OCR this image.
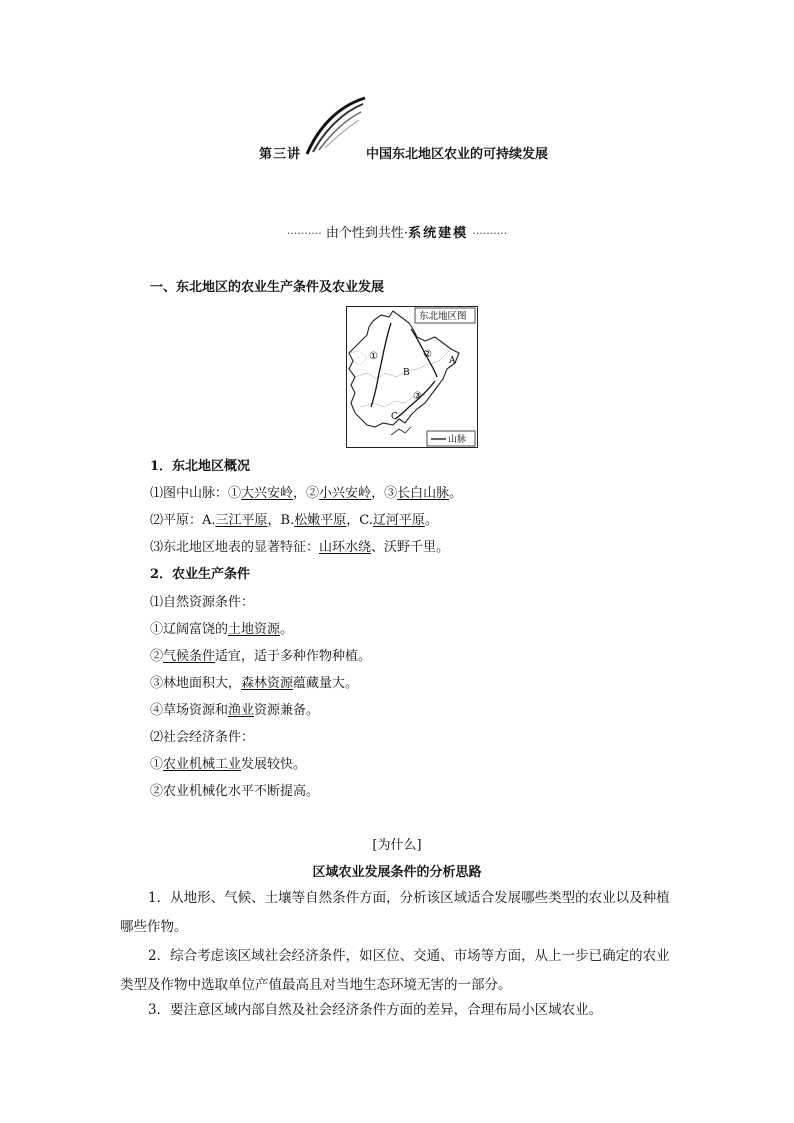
第三讲	中国东北地区农业的可持续发展
·········· 由个性到共性·系统建模 ··········
一、东北地区的农业生产条件及农业发展
东北地区图
①	②
③
A
B
C
山脉
1．东北地区概况
⑴图中山脉：①大兴安岭，②小兴安岭，③长白山脉。
⑵平原：A.三江平原，B.松嫩平原，C.辽河平原。
⑶东北地区地表的显著特征：山环水绕、沃野千里。
2．农业生产条件
⑴自然资源条件：
①辽阔富饶的土地资源。
②气候条件适宜，适于多种作物种植。
③林地面积大，森林资源蕴藏量大。
④草场资源和渔业资源兼备。
⑵社会经济条件：
①农业机械工业发展较快。
②农业机械化水平不断提高。
[为什么]
区域农业发展条件的分析思路
1．从地形、气候、土壤等自然条件方面，分析该区域适合发展哪些类型的农业以及种植哪些作物。
2．综合考虑该区域社会经济条件，如区位、交通、市场等方面，从上一步已确定的农业类型及作物中选取单位产值最高且对当地生态环境无害的一部分。
3．要注意区域内部自然及社会经济条件方面的差异，合理布局小区域农业。
